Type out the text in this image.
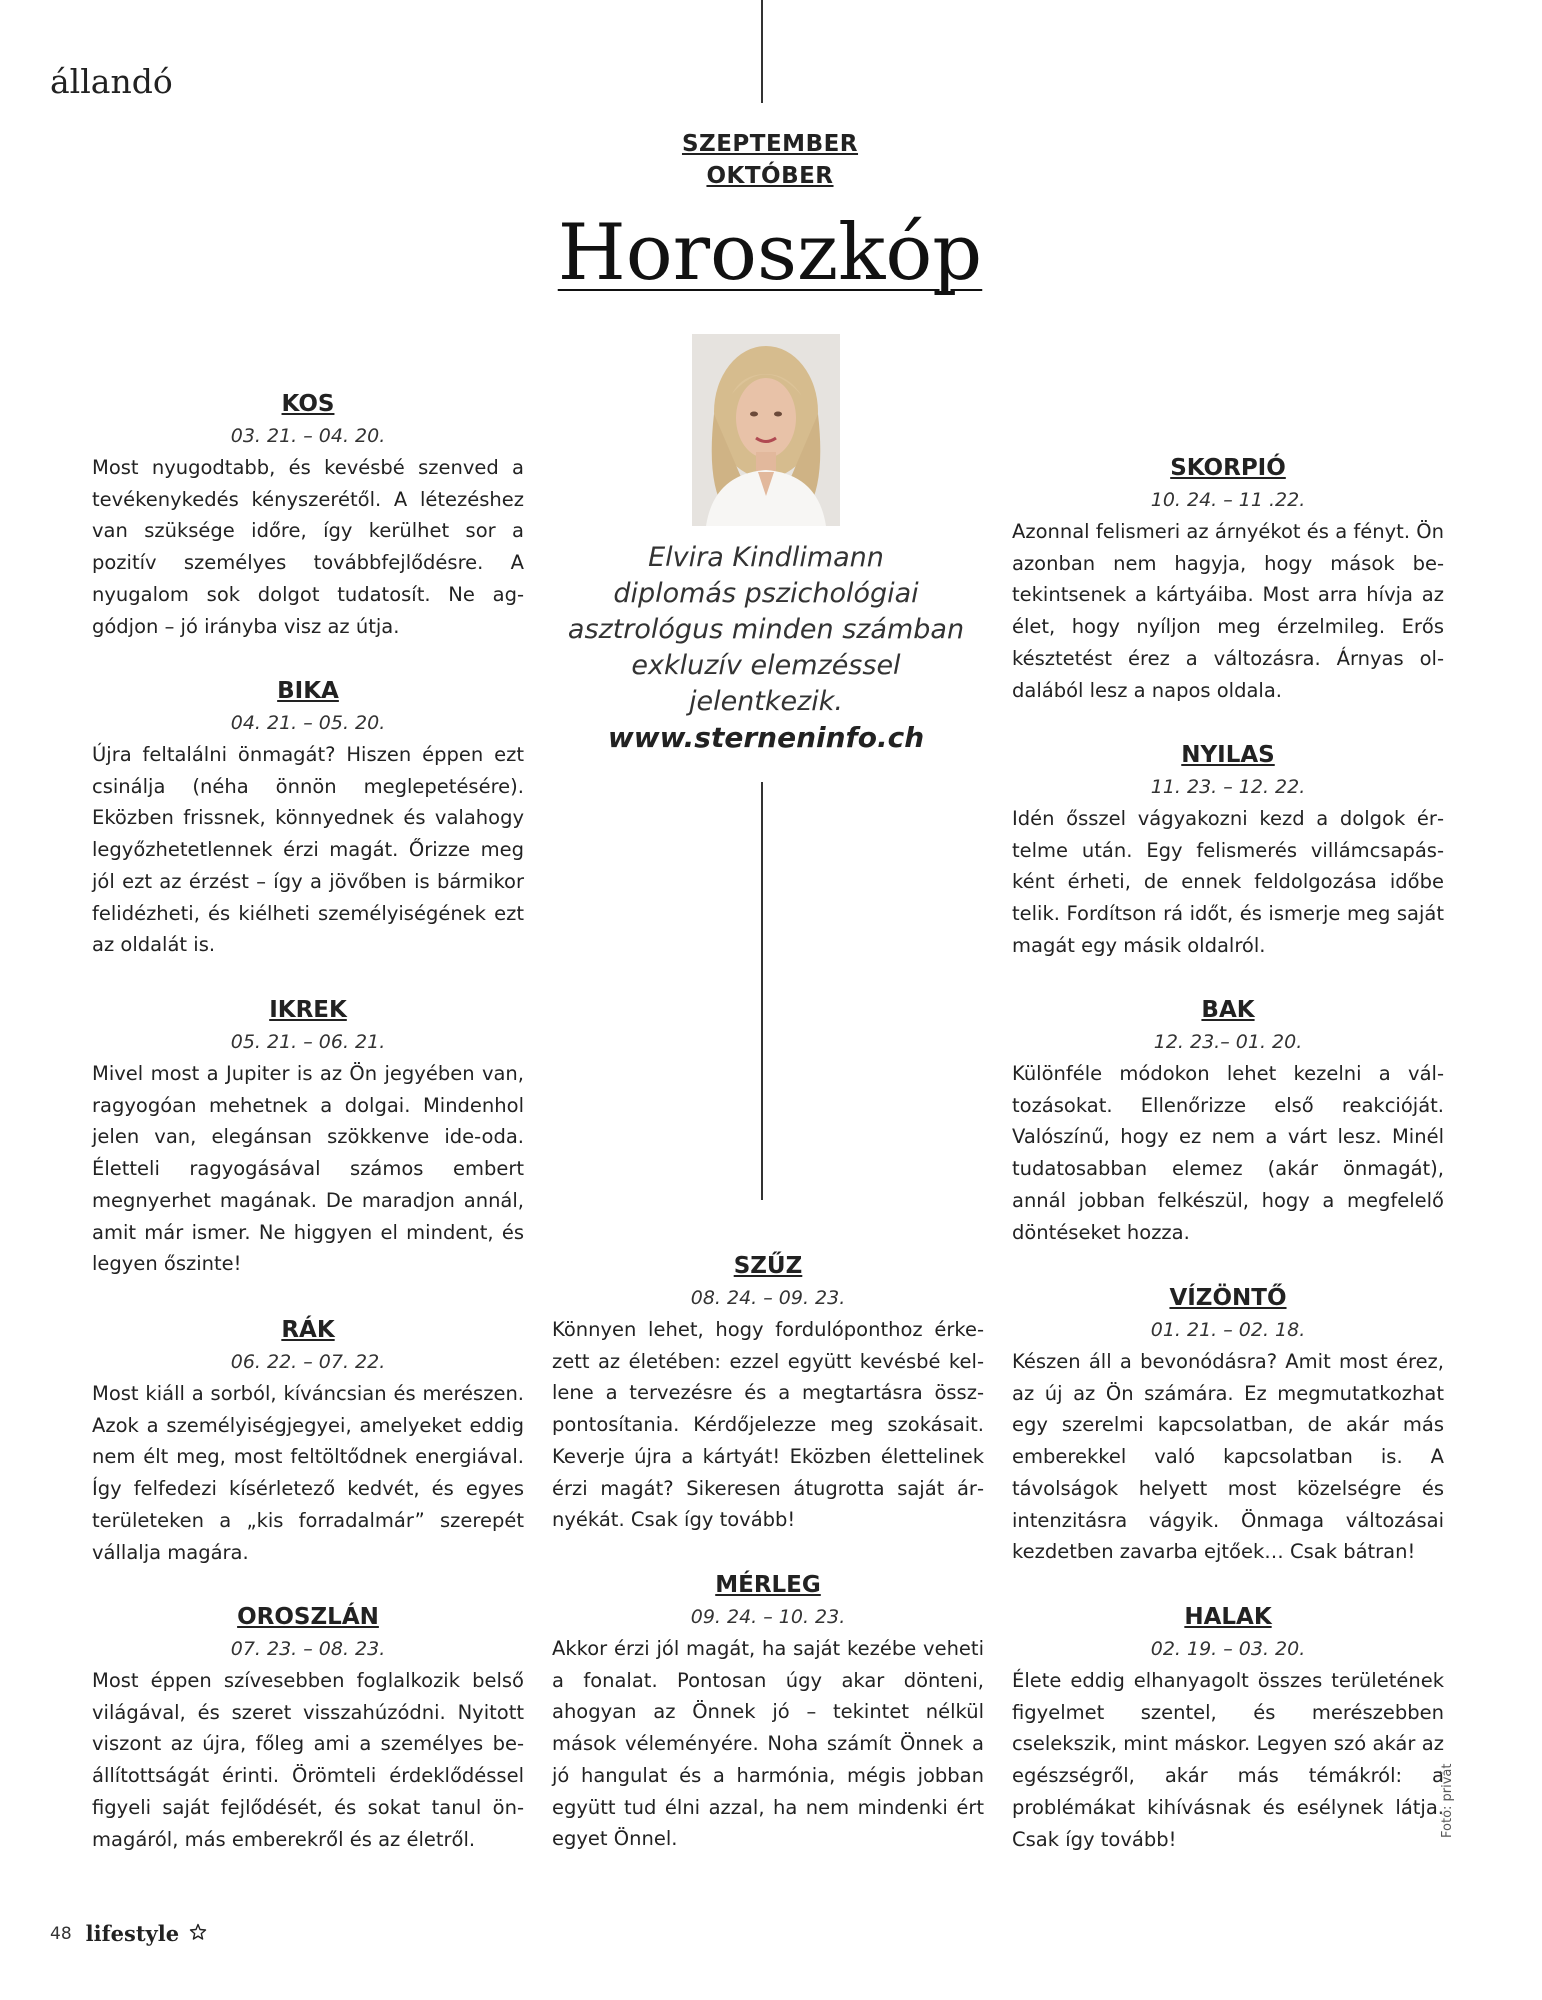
állandó
SZEPTEMBER
OKTÓBER
Horoszkóp
Elvira Kindlimann
diplomás pszichológiai
asztrológus minden számban
exkluzív elemzéssel
jelentkezik.
www.sterneninfo.ch
KOS
03. 21. – 04. 20.

Most nyugodtabb, és kevésbé szenved a tevékenykedés kényszerétől. A létezéshez van szüksége időre, így kerülhet sor a pozitív személyes továbbfejlődésre. A nyugalom sok dolgot tudatosít. Ne aggódjon – jó irányba visz az útja.

BIKA
04. 21. – 05. 20.

Újra feltalálni önmagát? Hiszen éppen ezt csinálja (néha önnön meglepetésére). Eközben frissnek, könnyednek és valahogy legyőzhetetlennek érzi magát. Őrizze meg jól ezt az érzést – így a jövőben is bármikor felidézheti, és kiélheti személyiségének ezt az oldalát is.

IKREK
05. 21. – 06. 21.

Mivel most a Jupiter is az Ön jegyében van, ragyogóan mehetnek a dolgai. Mindenhol jelen van, elegánsan szökkenve ide-oda. Életteli ragyogásával számos embert megnyerhet magának. De maradjon annál, amit már ismer. Ne higgyen el mindent, és legyen őszinte!

RÁK
06. 22. – 07. 22.

Most kiáll a sorból, kíváncsian és merészen. Azok a személyiségjegyei, amelyeket eddig nem élt meg, most feltöltődnek energiával. Így felfedezi kísérletező kedvét, és egyes területeken a „kis forradalmár” szerepét vállalja magára.

OROSZLÁN
07. 23. – 08. 23.

Most éppen szívesebben foglalkozik belső világával, és szeret visszahúzódni. Nyitott viszont az újra, főleg ami a személyes beállítottságát érinti. Örömteli érdeklődéssel figyeli saját fejlődését, és sokat tanul önmagáról, más emberekről és az életről.

SZŰZ
08. 24. – 09. 23.

Könnyen lehet, hogy fordulóponthoz érkezett az életében: ezzel együtt kevésbé kellene a tervezésre és a megtartásra összpontosítania. Kérdőjelezze meg szokásait. Keverje újra a kártyát! Eközben élettelinek érzi magát? Sikeresen átugrotta saját árnyékát. Csak így tovább!

MÉRLEG
09. 24. – 10. 23.

Akkor érzi jól magát, ha saját kezébe veheti a fonalat. Pontosan úgy akar dönteni, ahogyan az Önnek jó – tekintet nélkül mások véleményére. Noha számít Önnek a jó hangulat és a harmónia, mégis jobban együtt tud élni azzal, ha nem mindenki ért egyet Önnel.

SKORPIÓ
10. 24. – 11 .22.

Azonnal felismeri az árnyékot és a fényt. Ön azonban nem hagyja, hogy mások betekintsenek a kártyáiba. Most arra hívja az élet, hogy nyíljon meg érzelmileg. Erős késztetést érez a változásra. Árnyas oldalából lesz a napos oldala.

NYILAS
11. 23. – 12. 22.

Idén ősszel vágyakozni kezd a dolgok értelme után. Egy felismerés villámcsapásként érheti, de ennek feldolgozása időbe telik. Fordítson rá időt, és ismerje meg saját magát egy másik oldalról.

BAK
12. 23.– 01. 20.

Különféle módokon lehet kezelni a változásokat. Ellenőrizze első reakcióját. Valószínű, hogy ez nem a várt lesz. Minél tudatosabban elemez (akár önmagát), annál jobban felkészül, hogy a megfelelő döntéseket hozza.

VÍZÖNTŐ
01. 21. – 02. 18.

Készen áll a bevonódásra? Amit most érez, az új az Ön számára. Ez megmutatkozhat egy szerelmi kapcsolatban, de akár más emberekkel való kapcsolatban is. A távolságok helyett most közelségre és intenzitásra vágyik. Önmaga változásai kezdetben zavarba ejtőek… Csak bátran!

HALAK
02. 19. – 03. 20.

Élete eddig elhanyagolt összes területének figyelmet szentel, és merészebben cselekszik, mint máskor. Legyen szó akár az egészségről, akár más témákról: a problémákat kihívásnak és esélynek látja. Csak így tovább!

Fotó: privát
48 lifestyle
